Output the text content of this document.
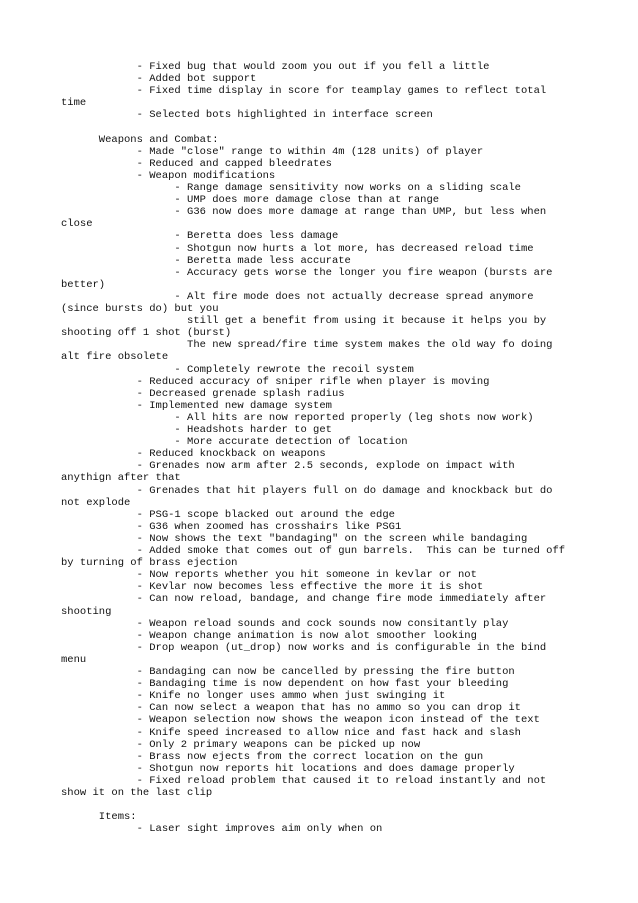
- Fixed bug that would zoom you out if you fell a little
- Added bot support
- Fixed time display in score for teamplay games to reflect total
time
- Selected bots highlighted in interface screen
Weapons and Combat:
- Made "close" range to within 4m (128 units) of player
- Reduced and capped bleedrates
- Weapon modifications
- Range damage sensitivity now works on a sliding scale
- UMP does more damage close than at range
- G36 now does more damage at range than UMP, but less when
close
- Beretta does less damage
- Shotgun now hurts a lot more, has decreased reload time
- Beretta made less accurate
- Accuracy gets worse the longer you fire weapon (bursts are
better)
- Alt fire mode does not actually decrease spread anymore
(since bursts do) but you
still get a benefit from using it because it helps you by
shooting off 1 shot (burst)
The new spread/fire time system makes the old way fo doing
alt fire obsolete
- Completely rewrote the recoil system
- Reduced accuracy of sniper rifle when player is moving
- Decreased grenade splash radius
- Implemented new damage system
- All hits are now reported properly (leg shots now work)
- Headshots harder to get
- More accurate detection of location
- Reduced knockback on weapons
- Grenades now arm after 2.5 seconds, explode on impact with
anythign after that
- Grenades that hit players full on do damage and knockback but do
not explode
- PSG-1 scope blacked out around the edge
- G36 when zoomed has crosshairs like PSG1
- Now shows the text "bandaging" on the screen while bandaging
- Added smoke that comes out of gun barrels.  This can be turned off
by turning of brass ejection
- Now reports whether you hit someone in kevlar or not
- Kevlar now becomes less effective the more it is shot
- Can now reload, bandage, and change fire mode immediately after
shooting
- Weapon reload sounds and cock sounds now consitantly play
- Weapon change animation is now alot smoother looking
- Drop weapon (ut_drop) now works and is configurable in the bind
menu
- Bandaging can now be cancelled by pressing the fire button
- Bandaging time is now dependent on how fast your bleeding
- Knife no longer uses ammo when just swinging it
- Can now select a weapon that has no ammo so you can drop it
- Weapon selection now shows the weapon icon instead of the text
- Knife speed increased to allow nice and fast hack and slash
- Only 2 primary weapons can be picked up now
- Brass now ejects from the correct location on the gun
- Shotgun now reports hit locations and does damage properly
- Fixed reload problem that caused it to reload instantly and not
show it on the last clip
Items:
- Laser sight improves aim only when on
